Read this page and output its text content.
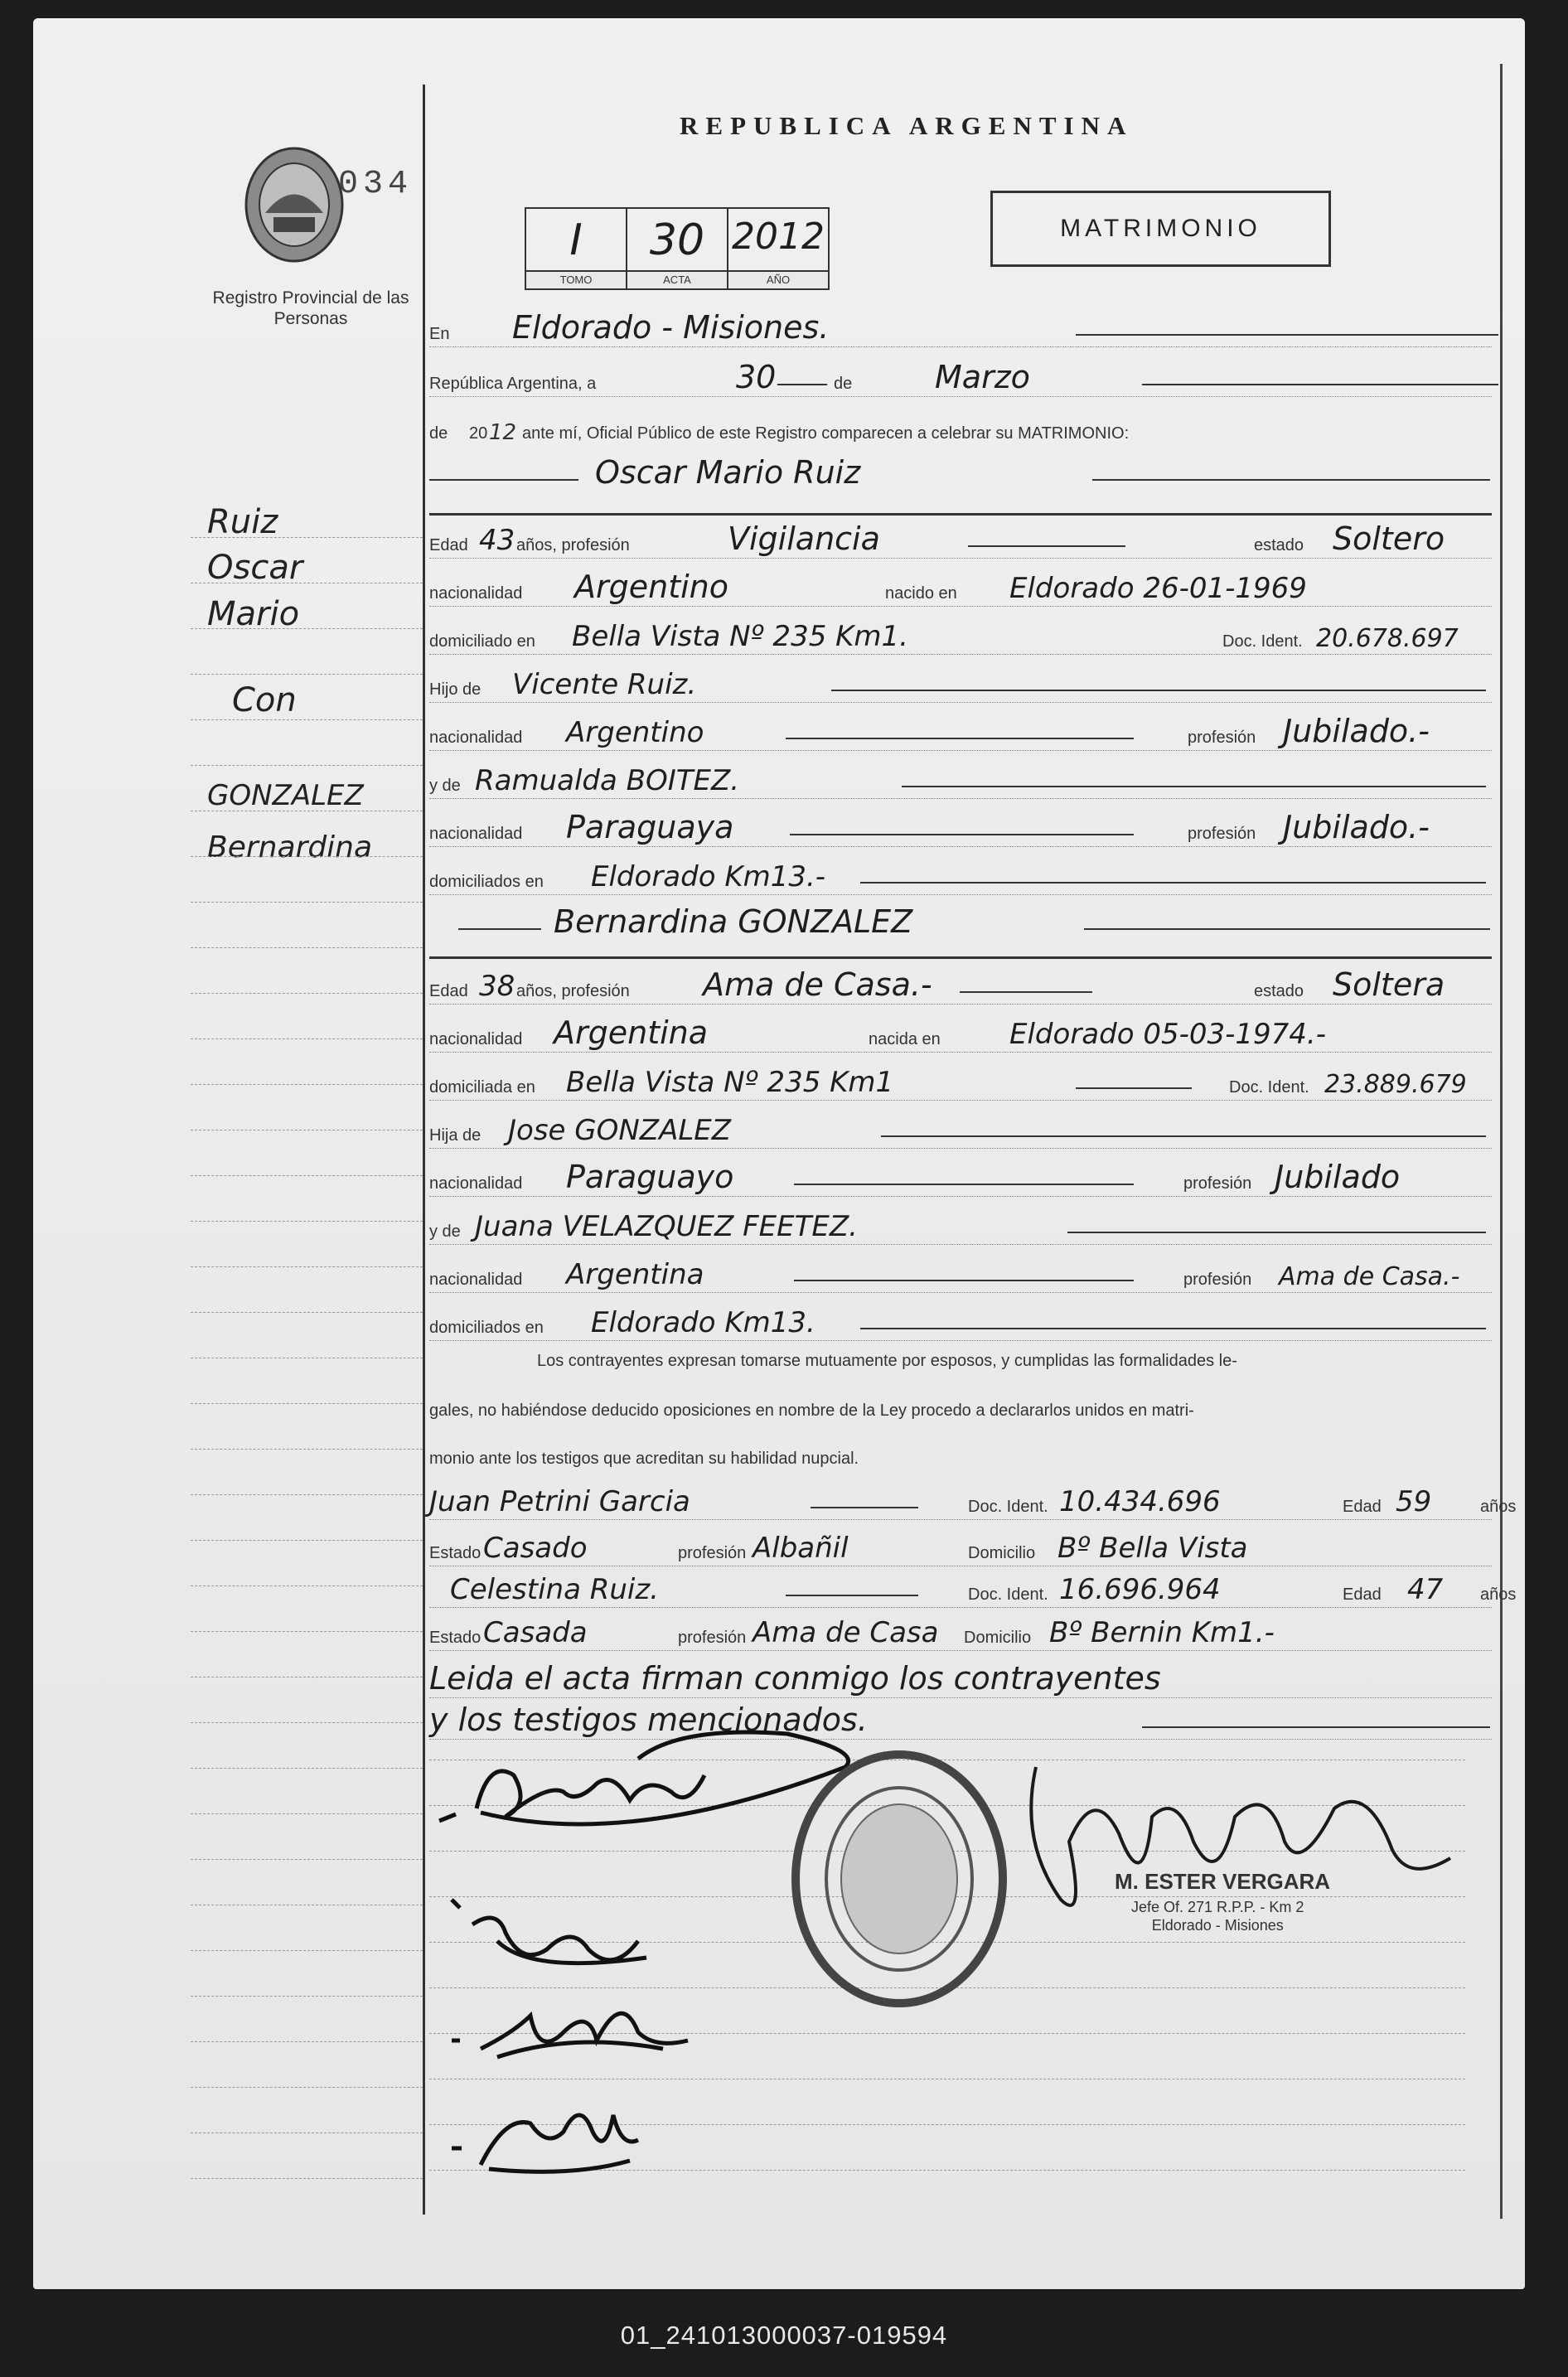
034
Registro Provincial de las Personas
Ruiz
Oscar
Mario
Con
GONZALEZ
Bernardina
REPUBLICA ARGENTINA
I
TOMO
30
ACTA
2012
AÑO
MATRIMONIO
En Eldorado - Misiones.
República Argentina, a	30	de	Marzo
de 20 12 ante mí, Oficial Público de este Registro comparecen a celebrar su MATRIMONIO:
Oscar Mario Ruiz
Edad 43 años, profesión	Vigilancia	estado Soltero
nacionalidad Argentino	nacido en Eldorado 26-01-1969
domiciliado en Bella Vista Nº 235 Km1.	Doc. Ident. 20.678.697
Hijo de Vicente Ruiz.
nacionalidad Argentino	profesión Jubilado.-
y de Ramualda BOITEZ.
nacionalidad Paraguaya	profesión Jubilado.-
domiciliados en Eldorado Km13.-
Bernardina GONZALEZ
Edad 38 años, profesión Ama de Casa.-	estado Soltera
nacionalidad Argentina	nacida en Eldorado 05-03-1974.-
domiciliada en Bella Vista Nº 235 Km1	Doc. Ident. 23.889.679
Hija de Jose GONZALEZ
nacionalidad Paraguayo	profesión Jubilado
y de Juana VELAZQUEZ FEETEZ.
nacionalidad Argentina	profesión Ama de Casa.-
domiciliados en Eldorado Km13.
Los contrayentes expresan tomarse mutuamente por esposos, y cumplidas las formalidades le-
gales, no habiéndose deducido oposiciones en nombre de la Ley procedo a declararlos unidos en matri-
monio ante los testigos que acreditan su habilidad nupcial.
Juan Petrini Garcia	Doc. Ident. 10.434.696	Edad 59	años
Estado Casado	profesión Albañil	Domicilio Bº Bella Vista
Celestina Ruiz.	Doc. Ident. 16.696.964	Edad 47 años
Estado Casada	profesión Ama de Casa Domicilio Bº Bernin Km1.-
Leida el acta firman conmigo los contrayentes
y los testigos mencionados.
M. ESTER VERGARA
Jefe Of. 271 R.P.P. - Km 2
Eldorado - Misiones
01_241013000037-019594
